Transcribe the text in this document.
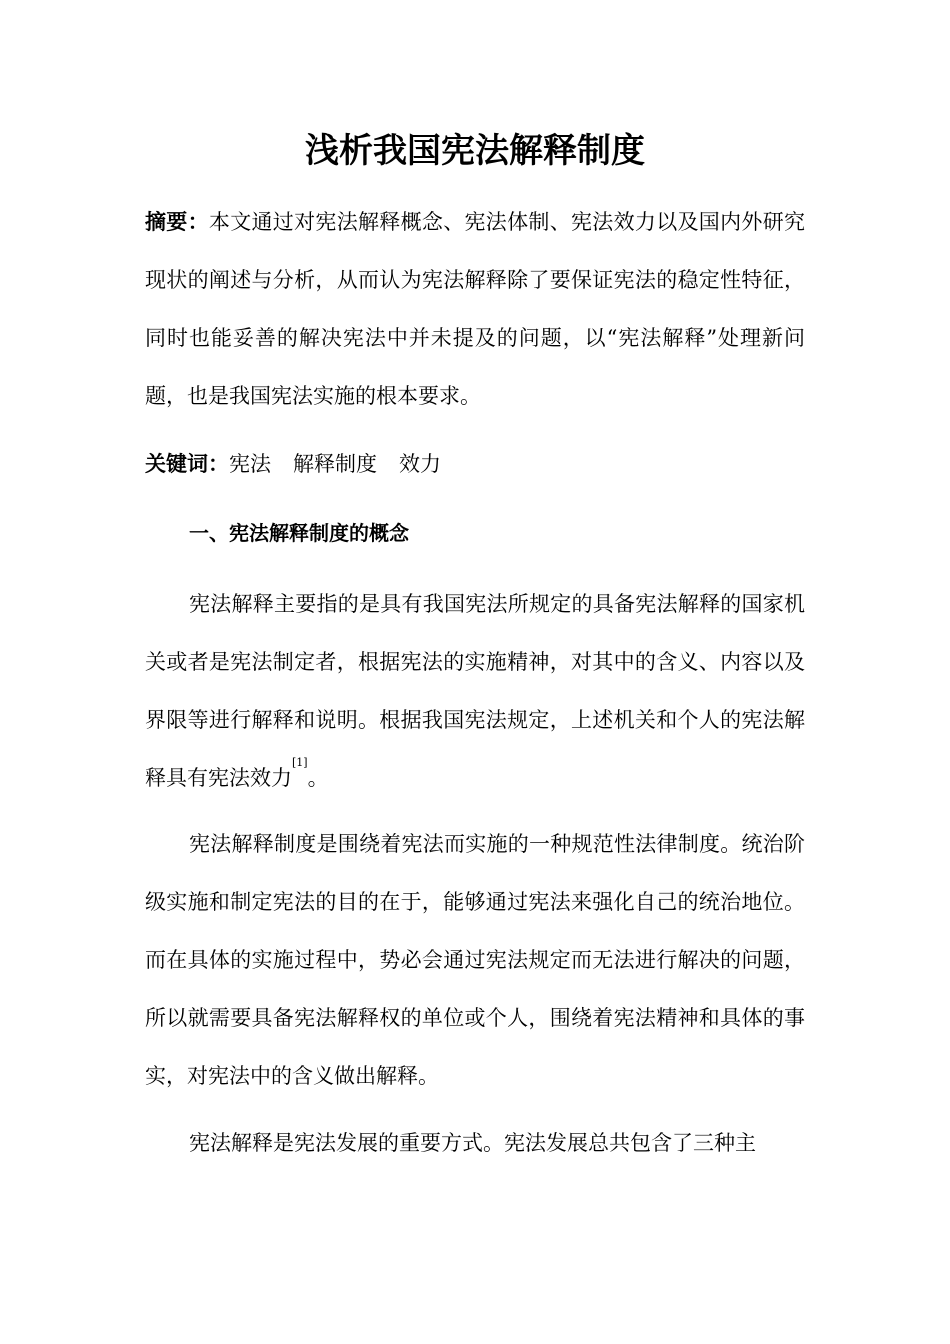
浅析我国宪法解释制度

摘要：本文通过对宪法解释概念、宪法体制、宪法效力以及国内外研究现状的阐述与分析，从而认为宪法解释除了要保证宪法的稳定性特征，同时也能妥善的解决宪法中并未提及的问题，以“宪法解释”处理新问题，也是我国宪法实施的根本要求。

关键词：宪法 解释制度 效力

一、宪法解释制度的概念

宪法解释主要指的是具有我国宪法所规定的具备宪法解释的国家机关或者是宪法制定者，根据宪法的实施精神，对其中的含义、内容以及界限等进行解释和说明。根据我国宪法规定，上述机关和个人的宪法解释具有宪法效力[1]。

宪法解释制度是围绕着宪法而实施的一种规范性法律制度。统治阶级实施和制定宪法的目的在于，能够通过宪法来强化自己的统治地位。而在具体的实施过程中，势必会通过宪法规定而无法进行解决的问题，所以就需要具备宪法解释权的单位或个人，围绕着宪法精神和具体的事实，对宪法中的含义做出解释。

宪法解释是宪法发展的重要方式。宪法发展总共包含了三种主
